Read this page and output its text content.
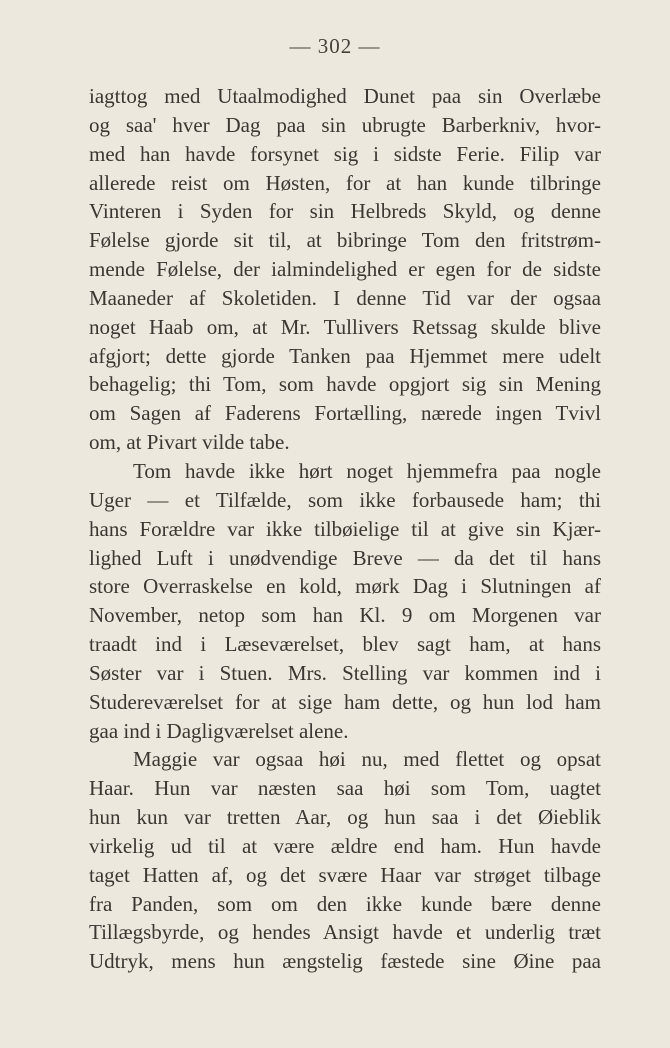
— 302 —
iagttog med Utaalmodighed Dunet paa sin Overlæbe
og saa' hver Dag paa sin ubrugte Barberkniv, hvor-
med han havde forsynet sig i sidste Ferie. Filip var
allerede reist om Høsten, for at han kunde tilbringe
Vinteren i Syden for sin Helbreds Skyld, og denne
Følelse gjorde sit til, at bibringe Tom den fritstrøm-
mende Følelse, der ialmindelighed er egen for de sidste
Maaneder af Skoletiden. I denne Tid var der ogsaa
noget Haab om, at Mr. Tullivers Retssag skulde blive
afgjort; dette gjorde Tanken paa Hjemmet mere udelt
behagelig; thi Tom, som havde opgjort sig sin Mening
om Sagen af Faderens Fortælling, nærede ingen Tvivl
om, at Pivart vilde tabe.
Tom havde ikke hørt noget hjemmefra paa nogle
Uger — et Tilfælde, som ikke forbausede ham; thi
hans Forældre var ikke tilbøielige til at give sin Kjær-
lighed Luft i unødvendige Breve — da det til hans
store Overraskelse en kold, mørk Dag i Slutningen af
November, netop som han Kl. 9 om Morgenen var
traadt ind i Læseværelset, blev sagt ham, at hans
Søster var i Stuen. Mrs. Stelling var kommen ind i
Studereværelset for at sige ham dette, og hun lod ham
gaa ind i Dagligværelset alene.
Maggie var ogsaa høi nu, med flettet og opsat
Haar. Hun var næsten saa høi som Tom, uagtet
hun kun var tretten Aar, og hun saa i det Øieblik
virkelig ud til at være ældre end ham. Hun havde
taget Hatten af, og det svære Haar var strøget tilbage
fra Panden, som om den ikke kunde bære denne
Tillægsbyrde, og hendes Ansigt havde et underlig træt
Udtryk, mens hun ængstelig fæstede sine Øine paa
